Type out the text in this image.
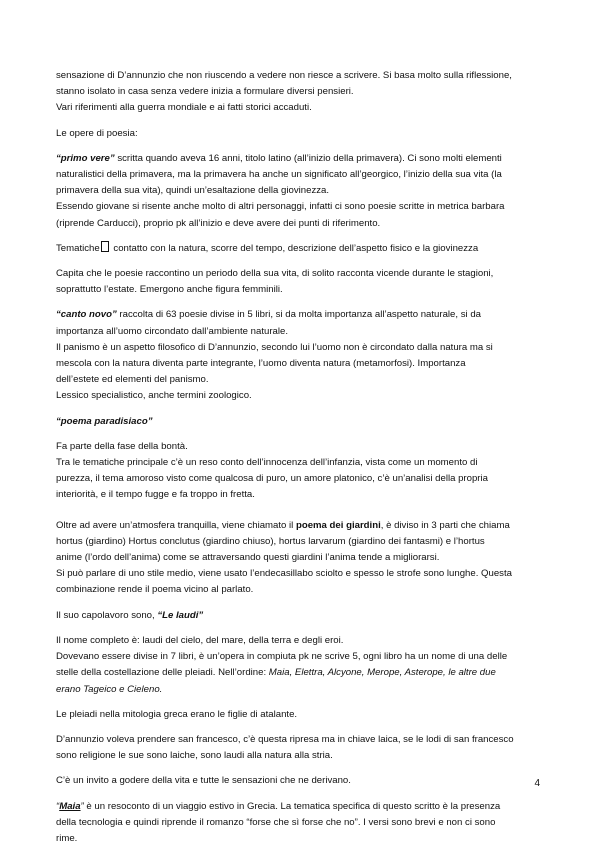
sensazione di D’annunzio che non riuscendo a vedere non riesce a scrivere. Si basa molto sulla riflessione,
stanno isolato in casa senza vedere inizia a formulare diversi pensieri.
Vari riferimenti alla guerra mondiale e ai fatti storici accaduti.

Le opere di poesia:

“primo vere” scritta quando aveva 16 anni, titolo latino (all’inizio della primavera). Ci sono molti elementi
naturalistici della primavera, ma la primavera ha anche un significato all’georgico, l’inizio della sua vita (la
primavera della sua vita), quindi un’esaltazione della giovinezza.
Essendo giovane si risente anche molto di altri personaggi, infatti ci sono poesie scritte in metrica barbara
(riprende Carducci), proprio pk all’inizio e deve avere dei punti di riferimento.

Tematiche contatto con la natura, scorre del tempo, descrizione dell’aspetto fisico e la giovinezza

Capita che le poesie raccontino un periodo della sua vita, di solito racconta vicende durante le stagioni,
soprattutto l’estate. Emergono anche figura femminili.

“canto novo” raccolta di 63 poesie divise in 5 libri, si da molta importanza all’aspetto naturale, si da
importanza all’uomo circondato dall’ambiente naturale.
Il panismo è un aspetto filosofico di D’annunzio, secondo lui l’uomo non è circondato dalla natura ma si
mescola con la natura diventa parte integrante, l’uomo diventa natura (metamorfosi). Importanza
dell’estete ed elementi del panismo.
Lessico specialistico, anche termini zoologico.

“poema paradisiaco”

Fa parte della fase della bontà.
Tra le tematiche principale c’è un reso conto dell’innocenza dell’infanzia, vista come un momento di
purezza, il tema amoroso visto come qualcosa di puro, un amore platonico, c’è un’analisi della propria
interiorità, e il tempo fugge e fa troppo in fretta.

Oltre ad avere un’atmosfera tranquilla, viene chiamato il poema dei giardini, è diviso in 3 parti che chiama
hortus (giardino) Hortus conclutus (giardino chiuso), hortus larvarum (giardino dei fantasmi) e l’hortus
anime (l’ordo dell’anima) come se attraversando questi giardini l’anima tende a migliorarsi.
Si può parlare di uno stile medio, viene usato l’endecasillabo sciolto e spesso le strofe sono lunghe. Questa
combinazione rende il poema vicino al parlato.

Il suo capolavoro sono, “Le laudi”

Il nome completo è: laudi del cielo, del mare, della terra e degli eroi.
Dovevano essere divise in 7 libri, è un’opera in compiuta pk ne scrive 5, ogni libro ha un nome di una delle
stelle della costellazione delle pleiadi. Nell’ordine: Maia, Elettra, Alcyone, Merope, Asterope, le altre due
erano Tageico e Cieleno.

Le pleiadi nella mitologia greca erano le figlie di atalante.

D’annunzio voleva prendere san francesco, c’è questa ripresa ma in chiave laica, se le lodi di san francesco
sono religione le sue sono laiche, sono laudi alla natura alla stria.

C’è un invito a godere della vita e tutte le sensazioni che ne derivano.

“Maia” è un resoconto di un viaggio estivo in Grecia. La tematica specifica di questo scritto è la presenza
della tecnologia e quindi riprende il romanzo “forse che sì forse che no”. I versi sono brevi e non ci sono
rime.

4
